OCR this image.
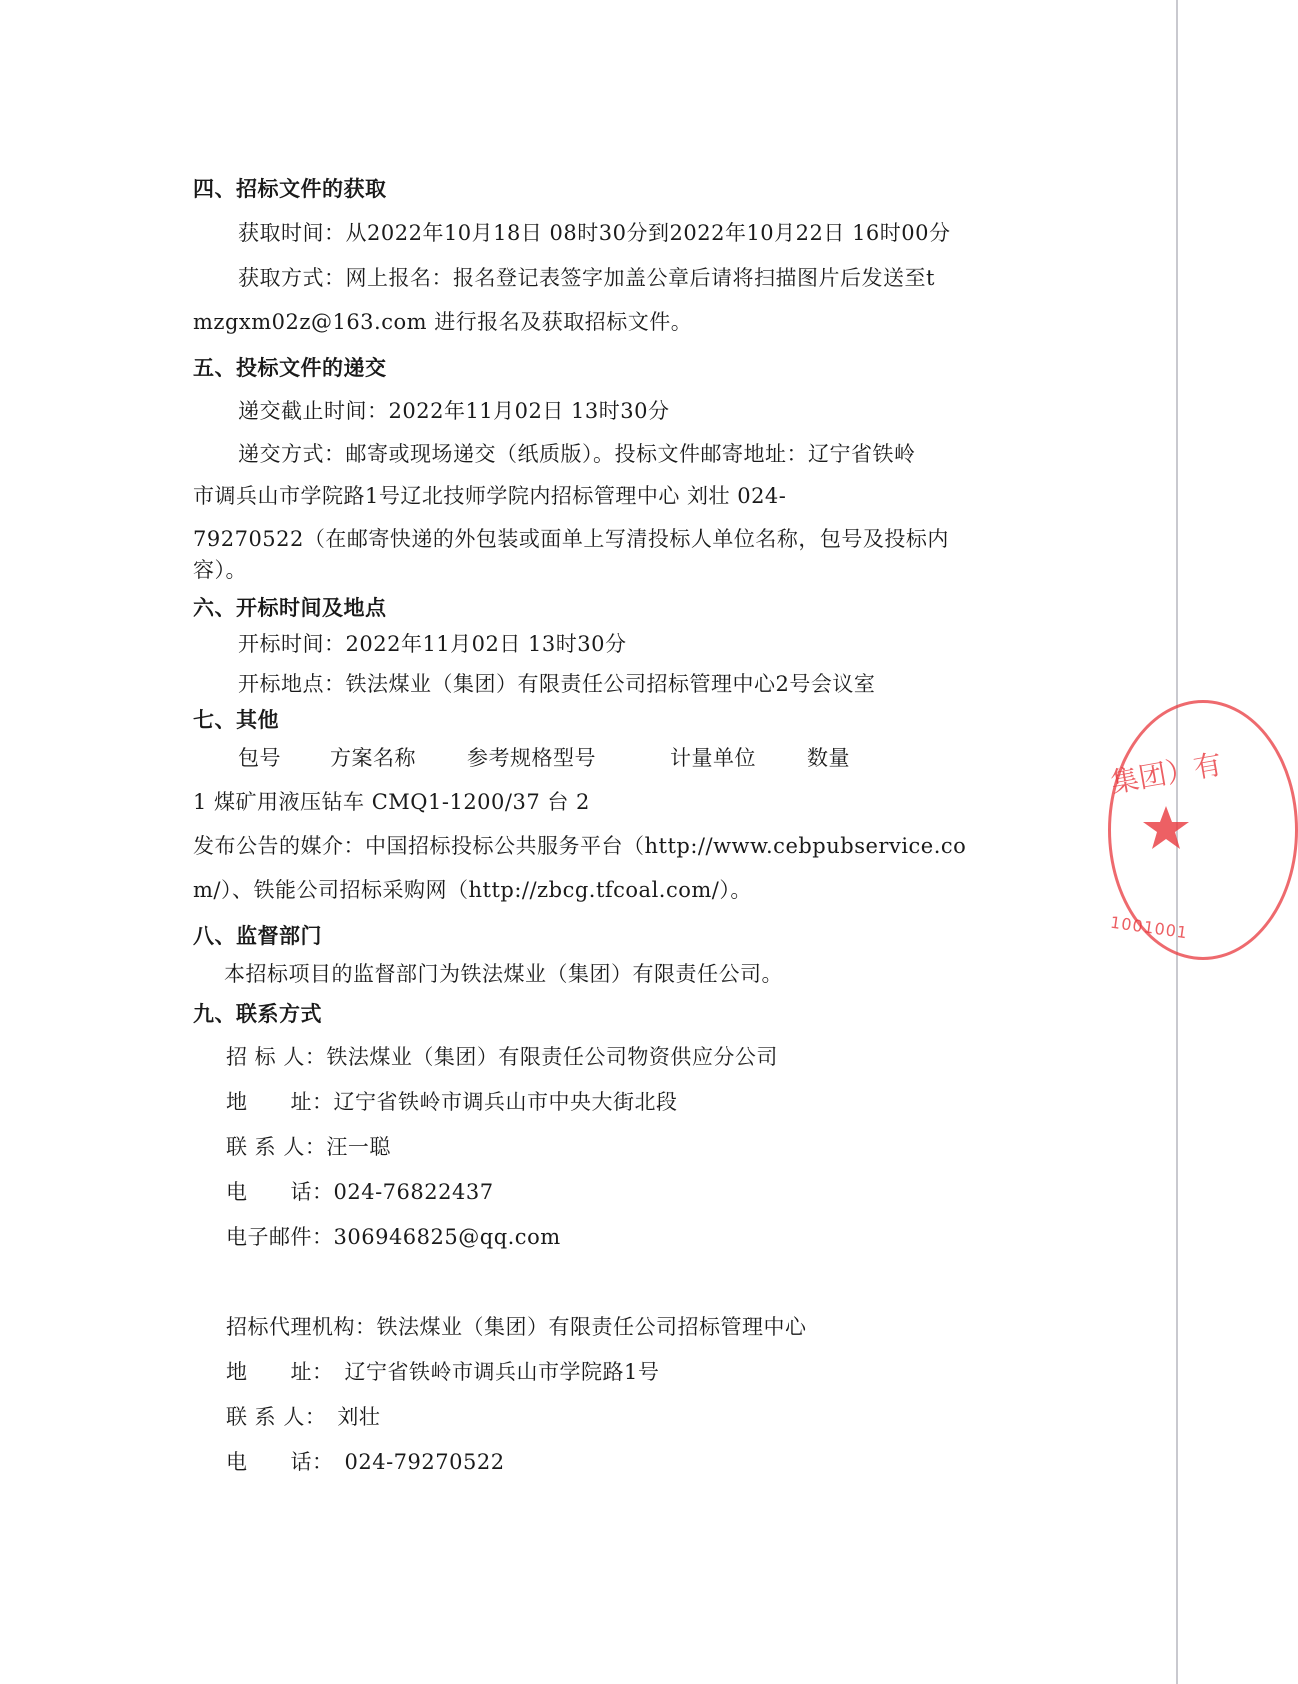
四、招标文件的获取
获取时间：从2022年10月18日 08时30分到2022年10月22日 16时00分
获取方式：网上报名：报名登记表签字加盖公章后请将扫描图片后发送至t
mzgxm02z@163.com 进行报名及获取招标文件。
五、投标文件的递交
递交截止时间：2022年11月02日 13时30分
递交方式：邮寄或现场递交（纸质版）。投标文件邮寄地址：辽宁省铁岭
市调兵山市学院路1号辽北技师学院内招标管理中心 刘壮 024-
79270522（在邮寄快递的外包装或面单上写清投标人单位名称，包号及投标内
容）。
六、开标时间及地点
开标时间：2022年11月02日 13时30分
开标地点：铁法煤业（集团）有限责任公司招标管理中心2号会议室
七、其他
包号 方案名称 参考规格型号	计量单位 数量
1 煤矿用液压钻车 CMQ1-1200/37 台 2
发布公告的媒介：中国招标投标公共服务平台（http://www.cebpubservice.co
m/）、铁能公司招标采购网（http://zbcg.tfcoal.com/）。
八、监督部门
本招标项目的监督部门为铁法煤业（集团）有限责任公司。
九、联系方式
招 标 人：铁法煤业（集团）有限责任公司物资供应分公司
地　　址：辽宁省铁岭市调兵山市中央大街北段
联 系 人：汪一聪
电　　话：024-76822437
电子邮件：306946825@qq.com
招标代理机构：铁法煤业（集团）有限责任公司招标管理中心
地　　址：　辽宁省铁岭市调兵山市学院路1号
联 系 人：　刘壮
电　　话：　024-79270522
集团）有
1001001
